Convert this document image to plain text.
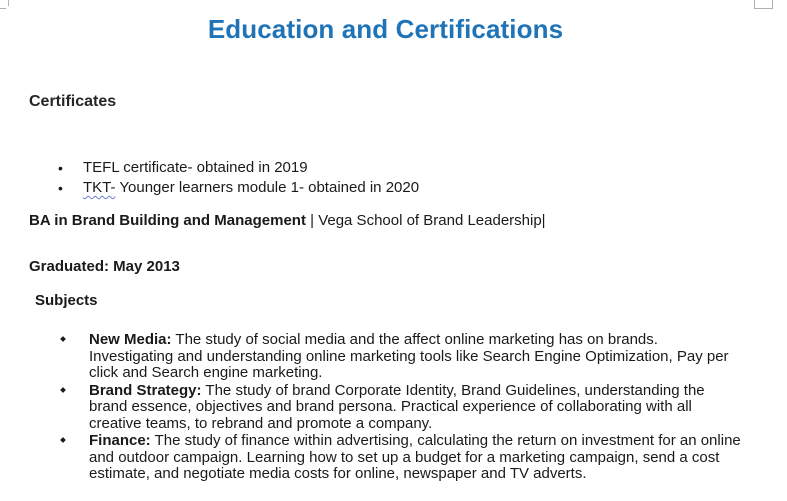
Education and Certifications
Certificates
• TEFL certificate- obtained in 2019
• TKT- Younger learners module 1- obtained in 2020
BA in Brand Building and Management | Vega School of Brand Leadership|
Graduated: May 2013
Subjects
New Media: The study of social media and the affect online marketing has on brands. Investigating and understanding online marketing tools like Search Engine Optimization, Pay per click and Search engine marketing.
Brand Strategy: The study of brand Corporate Identity, Brand Guidelines, understanding the brand essence, objectives and brand persona. Practical experience of collaborating with all creative teams, to rebrand and promote a company.
Finance: The study of finance within advertising, calculating the return on investment for an online and outdoor campaign. Learning how to set up a budget for a marketing campaign, send a cost estimate, and negotiate media costs for online, newspaper and TV adverts.
